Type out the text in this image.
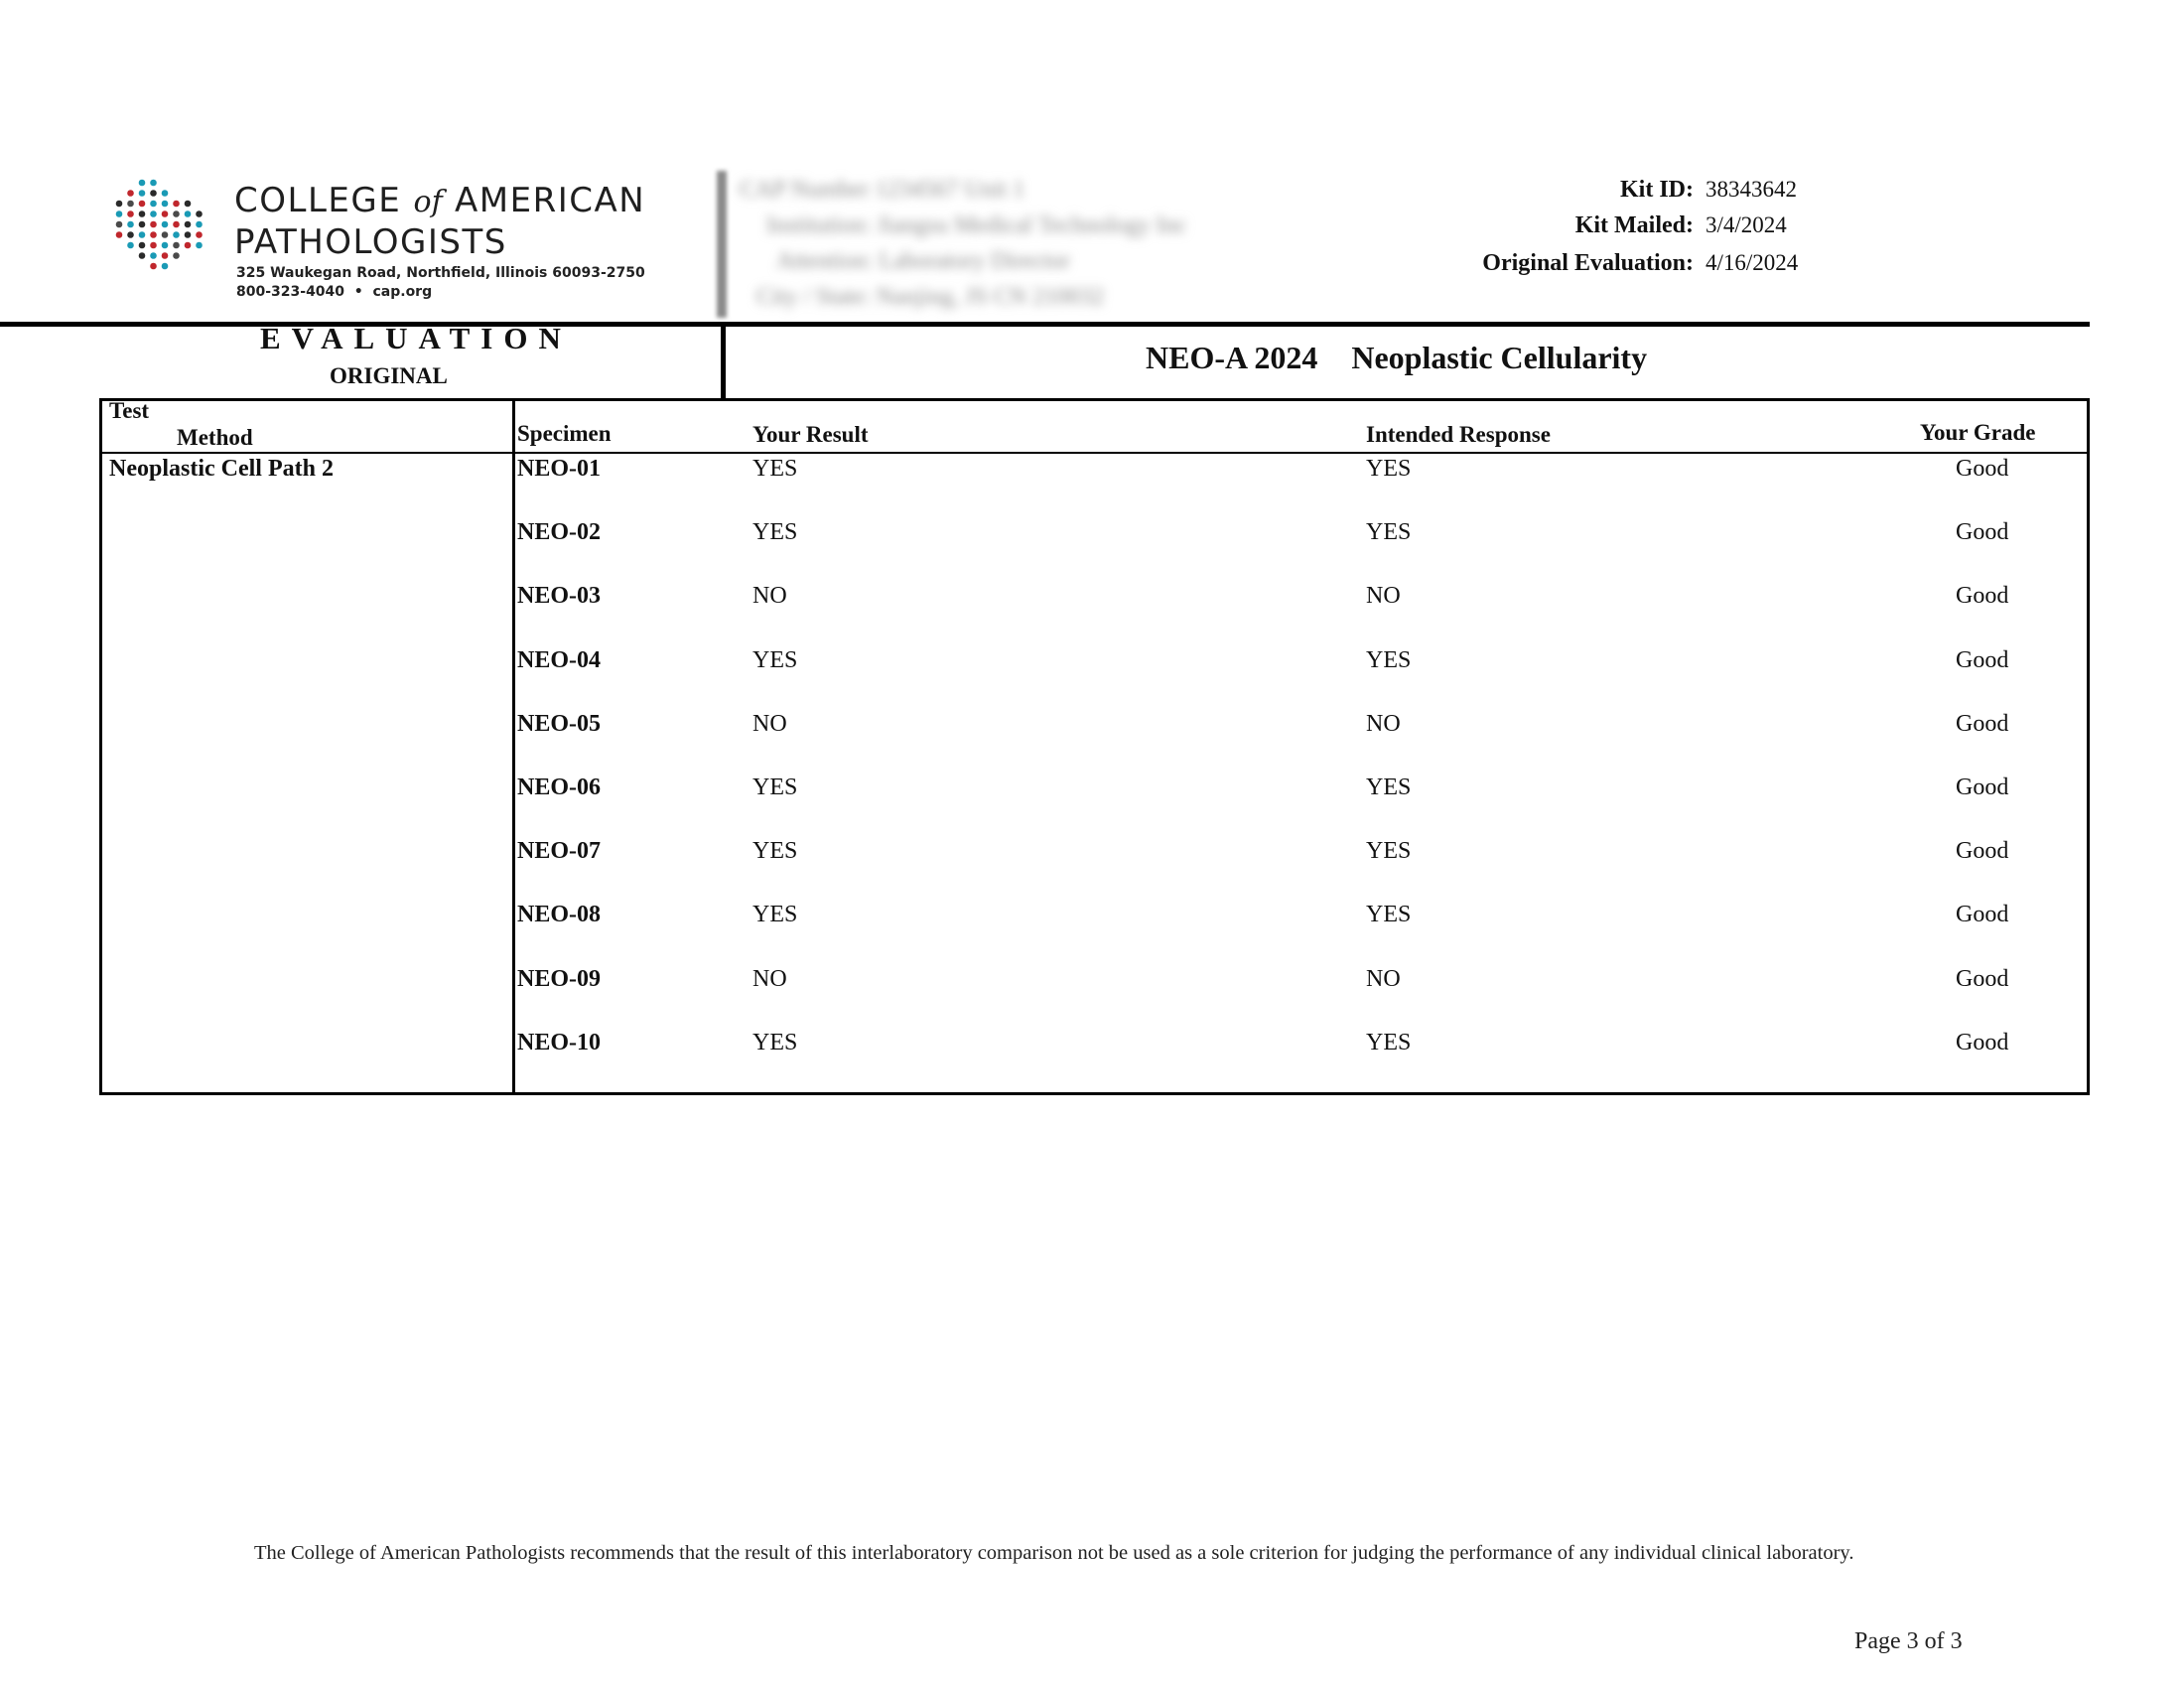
COLLEGE of AMERICAN
PATHOLOGISTS
325 Waukegan Road, Northfield, Illinois 60093-2750
800-323-4040  •  cap.org
CAP Number 1234567 Unit 1
Institution: Jiangsu Medical Technology Inc
Attention: Laboratory Director
City / State: Nanjing, JS CN 210032
Kit ID: 38343642
Kit Mailed: 3/4/2024
Original Evaluation: 4/16/2024
EVALUATION
ORIGINAL
NEO-A 2024 Neoplastic Cellularity
Test
Method	Specimen	Your Result	Intended Response	Your Grade
Neoplastic Cell Path 2	NEO-01	YES	YES	Good
NEO-02	YES	YES	Good
NEO-03	NO	NO	Good
NEO-04	YES	YES	Good
NEO-05	NO	NO	Good
NEO-06	YES	YES	Good
NEO-07	YES	YES	Good
NEO-08	YES	YES	Good
NEO-09	NO	NO	Good
NEO-10	YES	YES	Good
The College of American Pathologists recommends that the result of this interlaboratory comparison not be used as a sole criterion for judging the performance of any individual clinical laboratory.
Page 3 of 3
